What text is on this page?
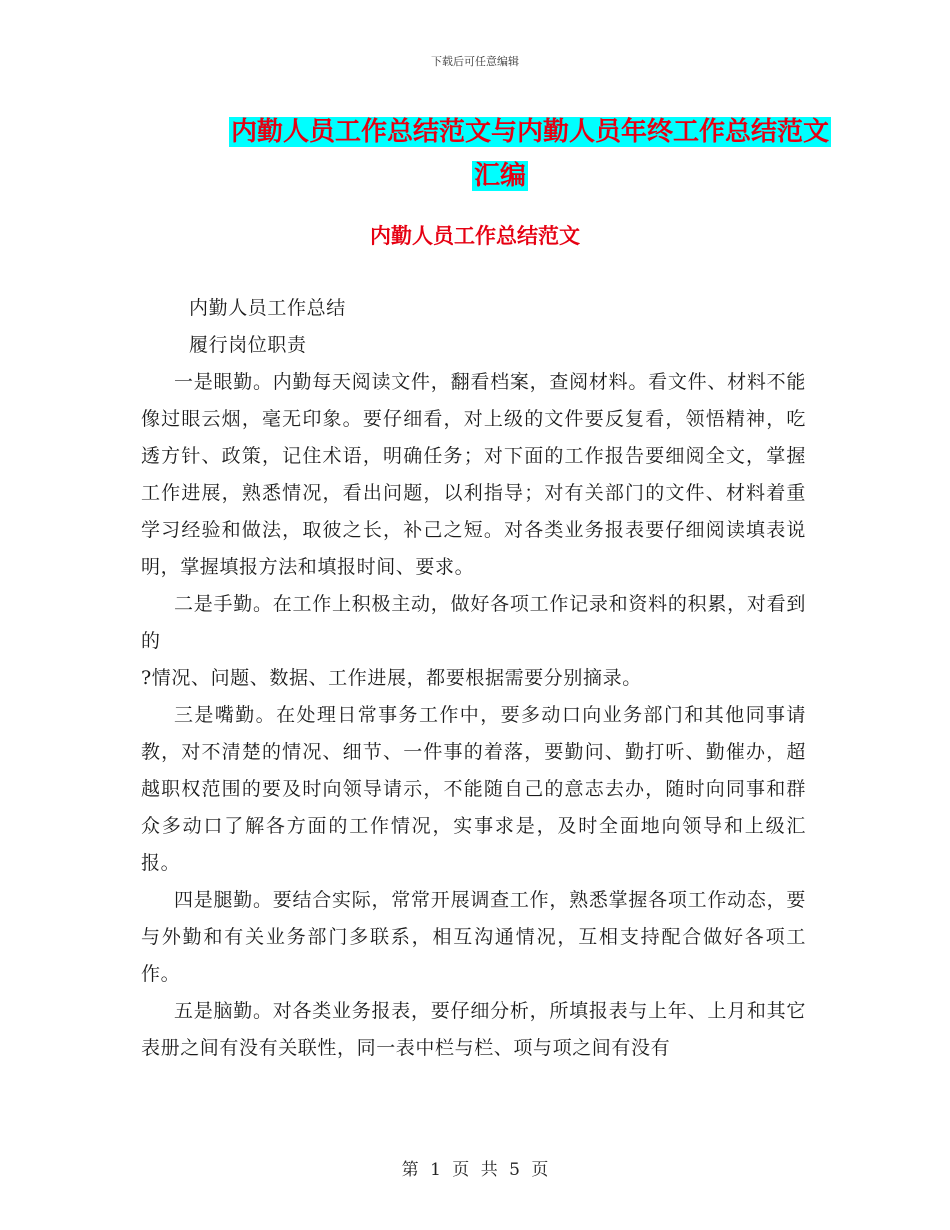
下载后可任意编辑
内勤人员工作总结范文与内勤人员年终工作总结范文
汇编
内勤人员工作总结范文

内勤人员工作总结

履行岗位职责

一是眼勤。内勤每天阅读文件，翻看档案，查阅材料。看文件、材料不能像过眼云烟，毫无印象。要仔细看，对上级的文件要反复看，领悟精神，吃透方针、政策，记住术语，明确任务；对下面的工作报告要细阅全文，掌握工作进展，熟悉情况，看出问题，以利指导；对有关部门的文件、材料着重学习经验和做法，取彼之长，补己之短。对各类业务报表要仔细阅读填表说明，掌握填报方法和填报时间、要求。

二是手勤。在工作上积极主动，做好各项工作记录和资料的积累，对看到的

?情况、问题、数据、工作进展，都要根据需要分别摘录。

三是嘴勤。在处理日常事务工作中，要多动口向业务部门和其他同事请教，对不清楚的情况、细节、一件事的着落，要勤问、勤打听、勤催办，超越职权范围的要及时向领导请示，不能随自己的意志去办，随时向同事和群众多动口了解各方面的工作情况，实事求是，及时全面地向领导和上级汇报。

四是腿勤。要结合实际，常常开展调查工作，熟悉掌握各项工作动态，要与外勤和有关业务部门多联系，相互沟通情况，互相支持配合做好各项工作。

五是脑勤。对各类业务报表，要仔细分析，所填报表与上年、上月和其它表册之间有没有关联性，同一表中栏与栏、项与项之间有没有

第 1 页 共 5 页
